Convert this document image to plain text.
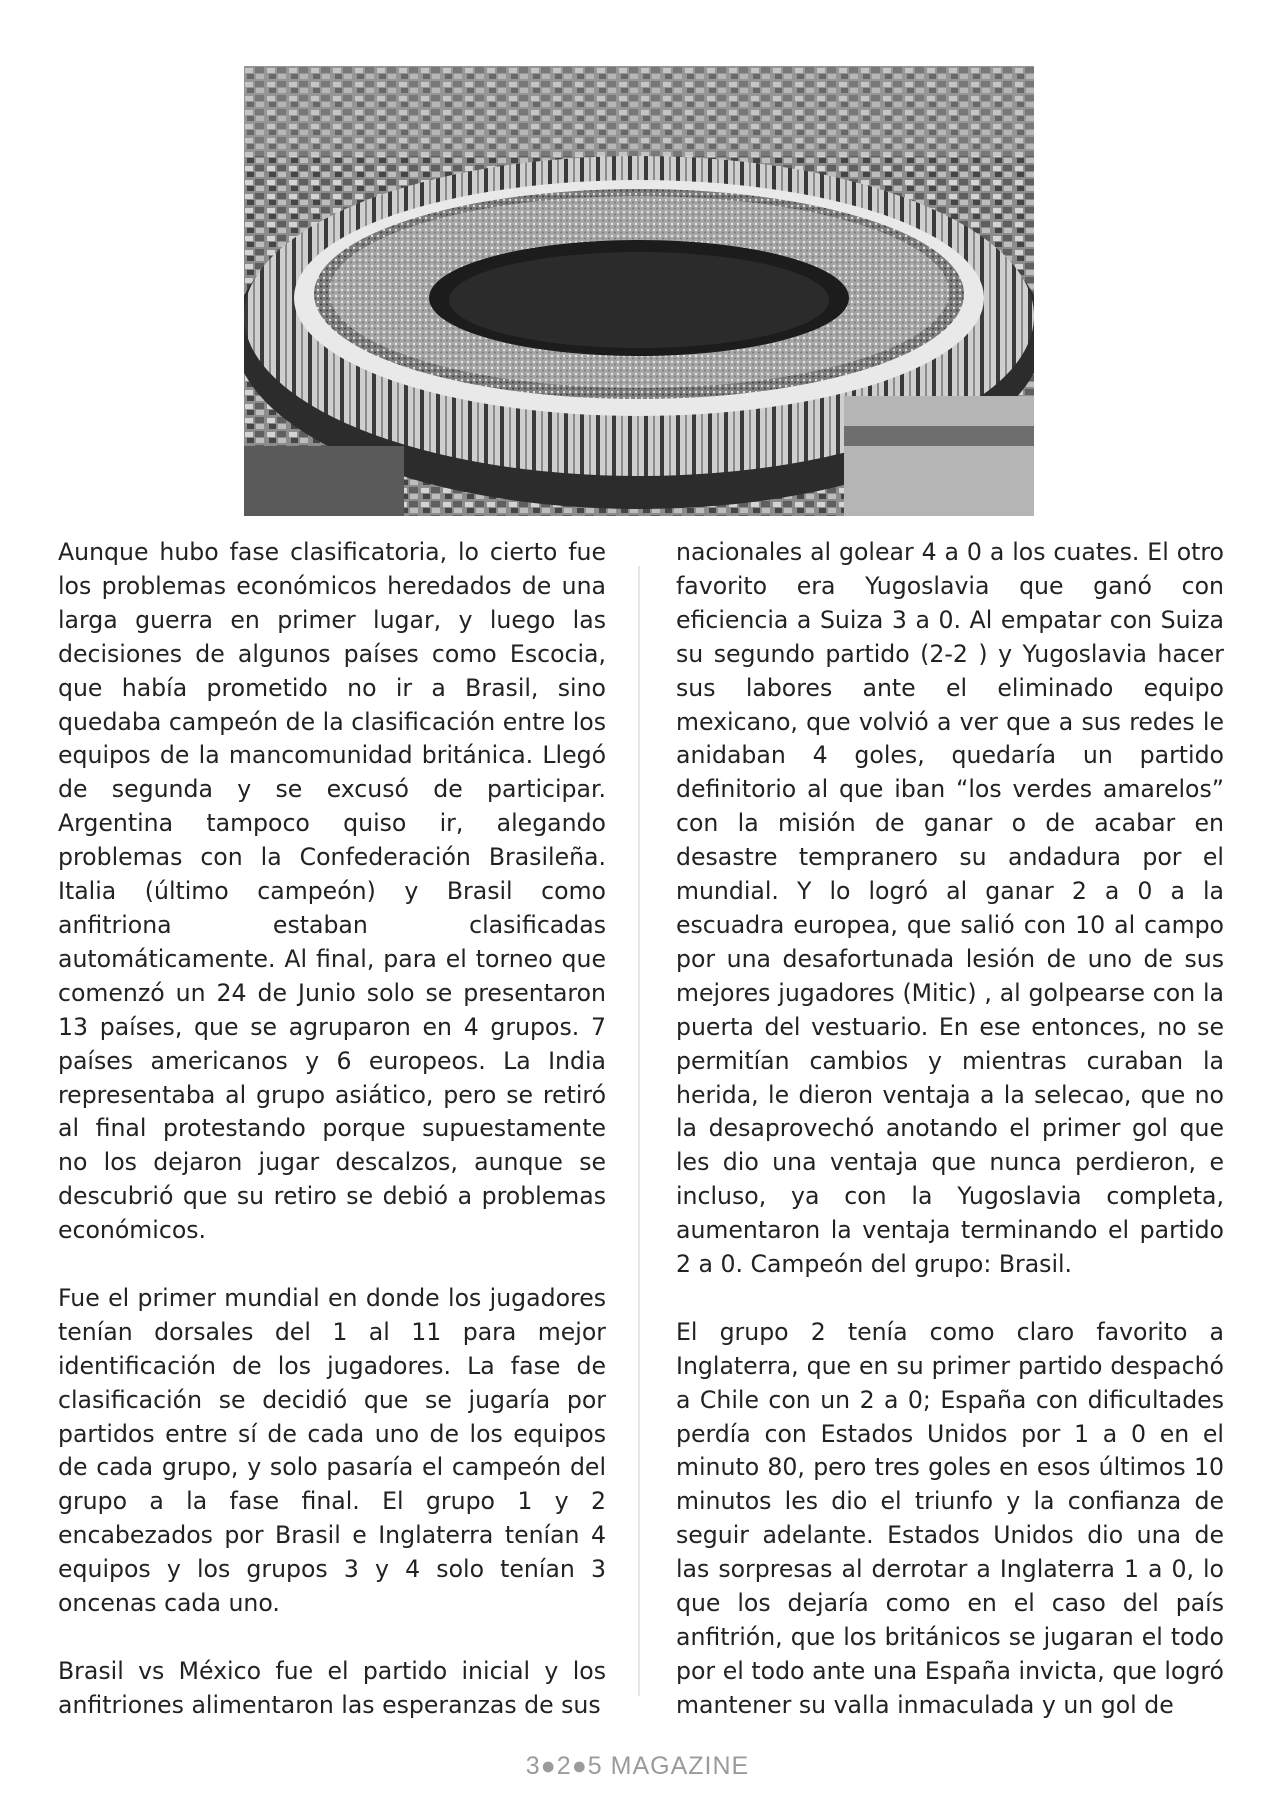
Aunque hubo fase clasificatoria, lo cierto fue los problemas económicos heredados de una larga guerra en primer lugar, y luego las decisiones de algunos países como Escocia, que había prometido no ir a Brasil, sino quedaba campeón de la clasificación entre los equipos de la mancomunidad británica. Llegó de segunda y se excusó de participar. Argentina tampoco quiso ir, alegando problemas con la Confederación Brasileña. Italia (último campeón) y Brasil como anfitriona estaban clasificadas automáticamente. Al final, para el torneo que comenzó un 24 de Junio solo se presentaron 13 países, que se agruparon en 4 grupos. 7 países americanos y 6 europeos. La India representaba al grupo asiático, pero se retiró al final protestando porque supuestamente no los dejaron jugar descalzos, aunque se descubrió que su retiro se debió a problemas económicos.

Fue el primer mundial en donde los jugadores tenían dorsales del 1 al 11 para mejor identificación de los jugadores. La fase de clasificación se decidió que se jugaría por partidos entre sí de cada uno de los equipos de cada grupo, y solo pasaría el campeón del grupo a la fase final. El grupo 1 y 2 encabezados por Brasil e Inglaterra tenían 4 equipos y los grupos 3 y 4 solo tenían 3 oncenas cada uno.

Brasil vs México fue el partido inicial y los anfitriones alimentaron las esperanzas de sus

nacionales al golear 4 a 0 a los cuates. El otro favorito era Yugoslavia que ganó con eficiencia a Suiza 3 a 0. Al empatar con Suiza su segundo partido (2-2 ) y Yugoslavia hacer sus labores ante el eliminado equipo mexicano, que volvió a ver que a sus redes le anidaban 4 goles, quedaría un partido definitorio al que iban “los verdes amarelos” con la misión de ganar o de acabar en desastre tempranero su andadura por el mundial. Y lo logró al ganar 2 a 0 a la escuadra europea, que salió con 10 al campo por una desafortunada lesión de uno de sus mejores jugadores (Mitic) , al golpearse con la puerta del vestuario. En ese entonces, no se permitían cambios y mientras curaban la herida, le dieron ventaja a la selecao, que no la desaprovechó anotando el primer gol que les dio una ventaja que nunca perdieron, e incluso, ya con la Yugoslavia completa, aumentaron la ventaja terminando el partido 2 a 0. Campeón del grupo: Brasil.

El grupo 2 tenía como claro favorito a Inglaterra, que en su primer partido despachó a Chile con un 2 a 0; España con dificultades perdía con Estados Unidos por 1 a 0 en el minuto 80, pero tres goles en esos últimos 10 minutos les dio el triunfo y la confianza de seguir adelante. Estados Unidos dio una de las sorpresas al derrotar a Inglaterra 1 a 0, lo que los dejaría como en el caso del país anfitrión, que los británicos se jugaran el todo por el todo ante una España invicta, que logró mantener su valla inmaculada y un gol de

3●2●5 MAGAZINE
